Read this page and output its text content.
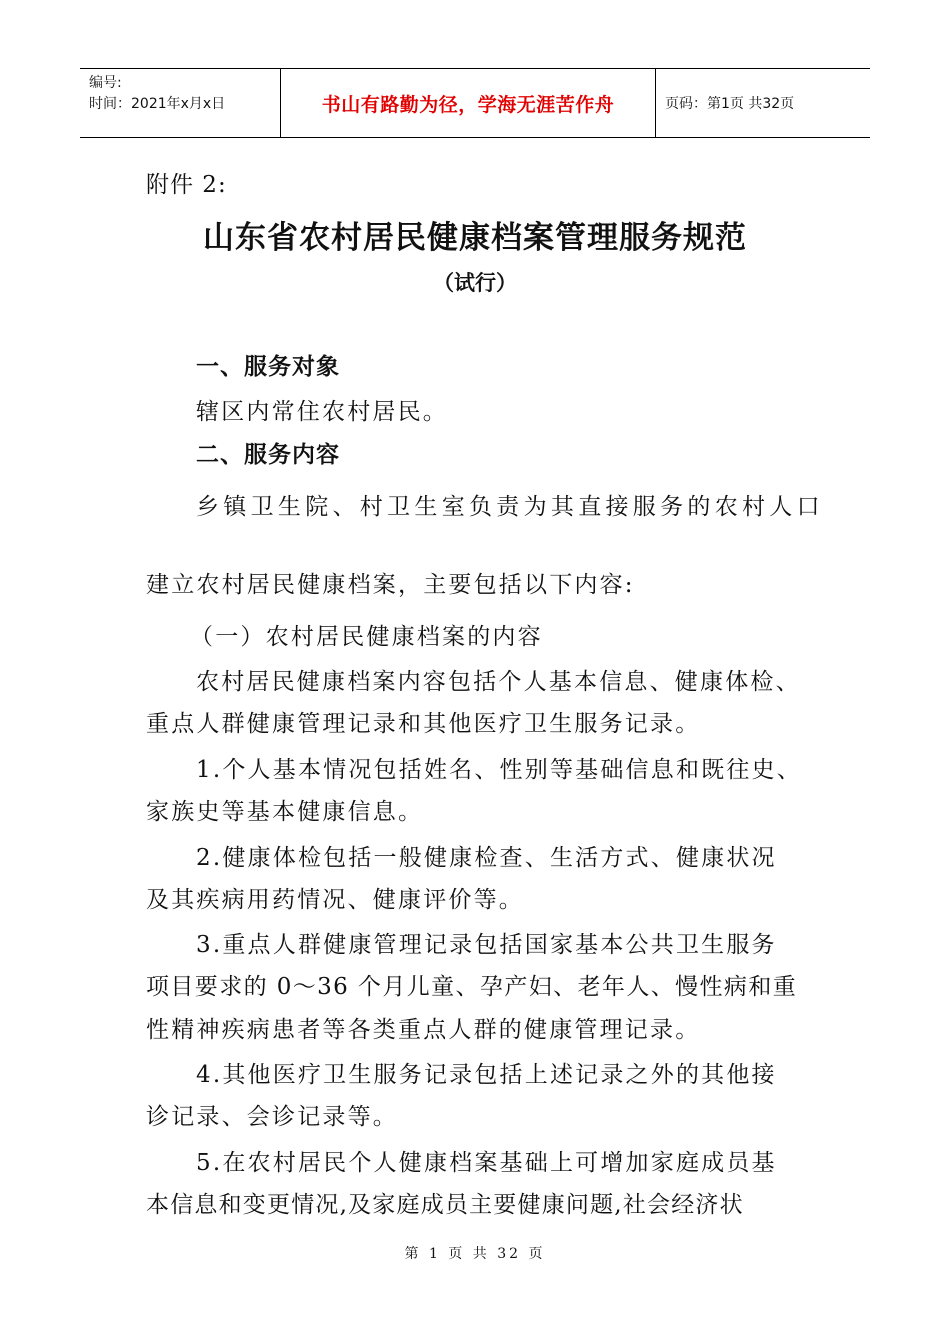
编号:
时间：2021年x月x日	书山有路勤为径，学海无涯苦作舟	页码：第1页 共32页
附件 2:
山东省农村居民健康档案管理服务规范
（试行）
一、服务对象
辖区内常住农村居民。
二、服务内容
乡镇卫生院、村卫生室负责为其直接服务的农村人口
建立农村居民健康档案，主要包括以下内容:
（一）农村居民健康档案的内容
农村居民健康档案内容包括个人基本信息、健康体检、
重点人群健康管理记录和其他医疗卫生服务记录。
1.个人基本情况包括姓名、性别等基础信息和既往史、
家族史等基本健康信息。
2.健康体检包括一般健康检查、生活方式、健康状况
及其疾病用药情况、健康评价等。
3.重点人群健康管理记录包括国家基本公共卫生服务
项目要求的 0～36 个月儿童、孕产妇、老年人、慢性病和重
性精神疾病患者等各类重点人群的健康管理记录。
4.其他医疗卫生服务记录包括上述记录之外的其他接
诊记录、会诊记录等。
5.在农村居民个人健康档案基础上可增加家庭成员基
本信息和变更情况,及家庭成员主要健康问题,社会经济状
第 1 页 共 32 页
